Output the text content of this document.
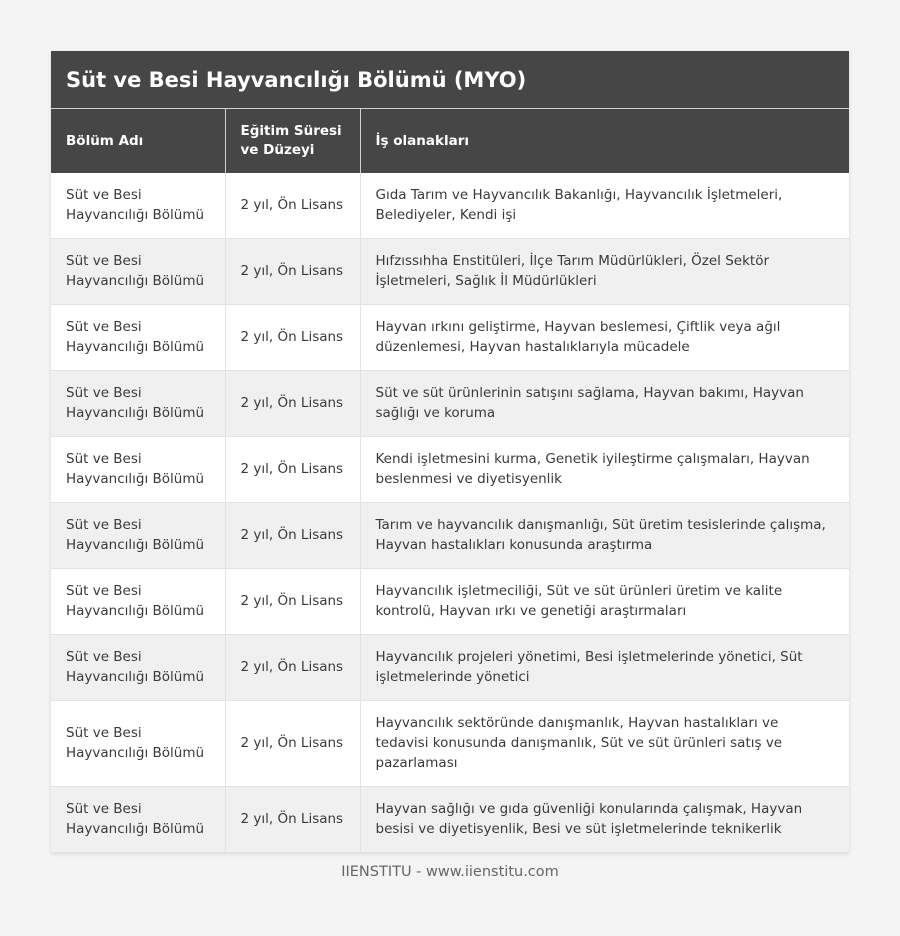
Süt ve Besi Hayvancılığı Bölümü (MYO)
Bölüm Adı	Eğitim Süresi ve Düzeyi	İş olanakları
Süt ve Besi Hayvancılığı Bölümü	2 yıl, Ön Lisans	Gıda Tarım ve Hayvancılık Bakanlığı, Hayvancılık İşletmeleri, Belediyeler, Kendi işi
Süt ve Besi Hayvancılığı Bölümü	2 yıl, Ön Lisans	Hıfzıssıhha Enstitüleri, İlçe Tarım Müdürlükleri, Özel Sektör İşletmeleri, Sağlık İl Müdürlükleri
Süt ve Besi Hayvancılığı Bölümü	2 yıl, Ön Lisans	Hayvan ırkını geliştirme, Hayvan beslemesi, Çiftlik veya ağıl düzenlemesi, Hayvan hastalıklarıyla mücadele
Süt ve Besi Hayvancılığı Bölümü	2 yıl, Ön Lisans	Süt ve süt ürünlerinin satışını sağlama, Hayvan bakımı, Hayvan sağlığı ve koruma
Süt ve Besi Hayvancılığı Bölümü	2 yıl, Ön Lisans	Kendi işletmesini kurma, Genetik iyileştirme çalışmaları, Hayvan beslenmesi ve diyetisyenlik
Süt ve Besi Hayvancılığı Bölümü	2 yıl, Ön Lisans	Tarım ve hayvancılık danışmanlığı, Süt üretim tesislerinde çalışma, Hayvan hastalıkları konusunda araştırma
Süt ve Besi Hayvancılığı Bölümü	2 yıl, Ön Lisans	Hayvancılık işletmeciliği, Süt ve süt ürünleri üretim ve kalite kontrolü, Hayvan ırkı ve genetiği araştırmaları
Süt ve Besi Hayvancılığı Bölümü	2 yıl, Ön Lisans	Hayvancılık projeleri yönetimi, Besi işletmelerinde yönetici, Süt işletmelerinde yönetici
Süt ve Besi Hayvancılığı Bölümü	2 yıl, Ön Lisans	Hayvancılık sektöründe danışmanlık, Hayvan hastalıkları ve tedavisi konusunda danışmanlık, Süt ve süt ürünleri satış ve pazarlaması
Süt ve Besi Hayvancılığı Bölümü	2 yıl, Ön Lisans	Hayvan sağlığı ve gıda güvenliği konularında çalışmak, Hayvan besisi ve diyetisyenlik, Besi ve süt işletmelerinde teknikerlik
IIENSTITU - www.iienstitu.com
